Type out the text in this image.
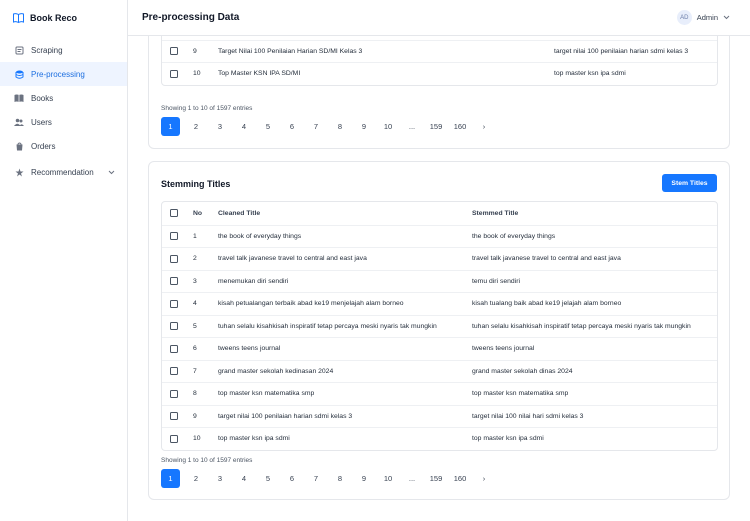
Book Reco
Scraping
Pre-processing
Books
Users
Orders
Recommendation
Pre-processing Data	AD	Admin
9	Target Nilai 100 Penilaian Harian SD/MI Kelas 3	target nilai 100 penilaian harian sdmi kelas 3
10	Top Master KSN IPA SD/MI	top master ksn ipa sdmi
Showing 1 to 10 of 1597 entries
1	2	3	4	5	6	7	8	9	10	...	159	160	›
Stemming Titles	Stem Titles
No Cleaned Title	Stemmed Title
1	the book of everyday things	the book of everyday things
2	travel talk javanese travel to central and east java	travel talk javanese travel to central and east java
3	menemukan diri sendiri	temu diri sendiri
4	kisah petualangan terbaik abad ke19 menjelajah alam borneo	kisah tualang baik abad ke19 jelajah alam borneo
5	tuhan selalu kisahkisah inspiratif tetap percaya meski nyaris tak mungkin	tuhan selalu kisahkisah inspiratif tetap percaya meski nyaris tak mungkin
6	tweens teens journal	tweens teens journal
7	grand master sekolah kedinasan 2024	grand master sekolah dinas 2024
8	top master ksn matematika smp	top master ksn matematika smp
9	target nilai 100 penilaian harian sdmi kelas 3	target nilai 100 nilai hari sdmi kelas 3
10	top master ksn ipa sdmi	top master ksn ipa sdmi
Showing 1 to 10 of 1597 entries
1	2	3	4	5	6	7	8	9	10	...	159	160	›
